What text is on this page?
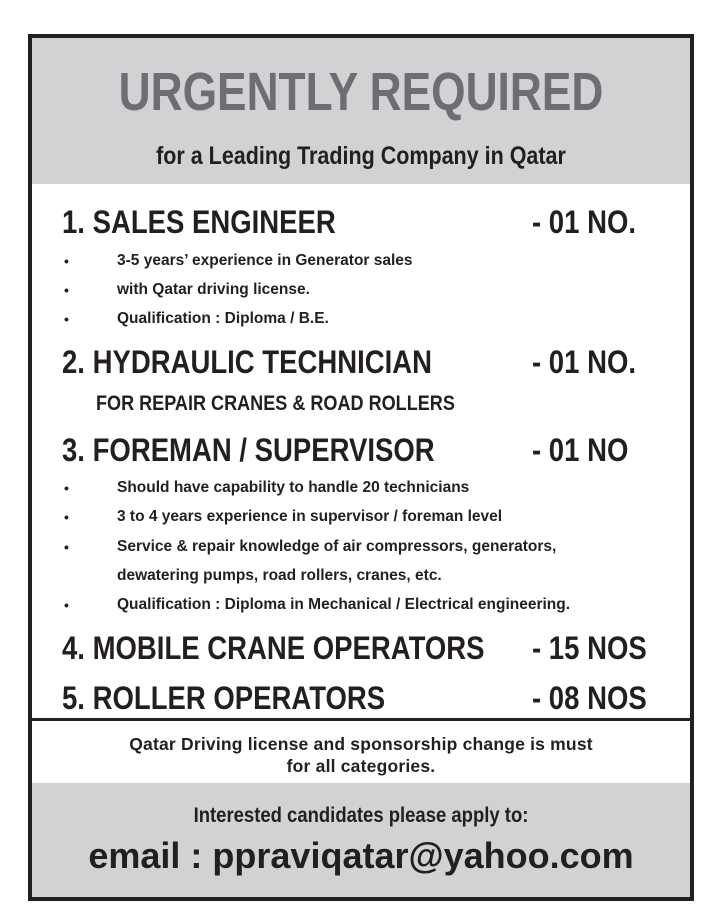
URGENTLY REQUIRED
for a Leading Trading Company in Qatar
1. SALES ENGINEER	- 01 NO.
•	3-5 years’ experience in Generator sales
•	with Qatar driving license.
•	Qualification : Diploma / B.E.
2. HYDRAULIC TECHNICIAN	- 01 NO.
FOR REPAIR CRANES & ROAD ROLLERS
3. FOREMAN / SUPERVISOR	- 01 NO
•	Should have capability to handle 20 technicians
•	3 to 4 years experience in supervisor / foreman level
•	Service & repair knowledge of air compressors, generators,
dewatering pumps, road rollers, cranes, etc.
•	Qualification : Diploma in Mechanical / Electrical engineering.
4. MOBILE CRANE OPERATORS - 15 NOS
5. ROLLER OPERATORS	- 08 NOS
Qatar Driving license and sponsorship change is must
for all categories.
Interested candidates please apply to:
email : ppraviqatar@yahoo.com
